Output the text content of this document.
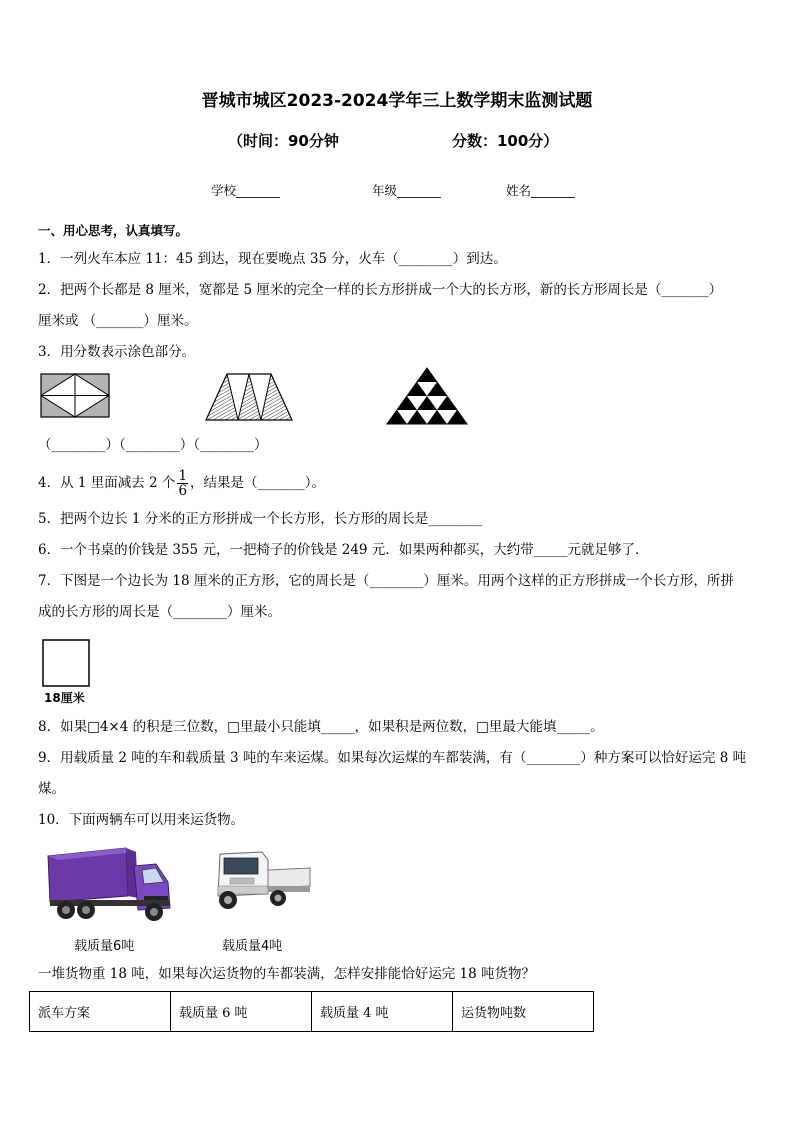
晋城市城区2023-2024学年三上数学期末监测试题
（时间：90分钟	分数：100分）
学校_______	年级_______	姓名_______
一、用心思考，认真填写。
1．一列火车本应 11：45 到达，现在要晚点 35 分，火车（________）到达。
2．把两个长都是 8 厘米，宽都是 5 厘米的完全一样的长方形拼成一个大的长方形，新的长方形周长是（_______）
厘米或 （_______）厘米。
3．用分数表示涂色部分。
（________）（________）（________）
4．从 1 里面减去 2 个 $\frac{1}{6}$ ，结果是（_______）。
5．把两个边长 1 分米的正方形拼成一个长方形，长方形的周长是________
6．一个书桌的价钱是 355 元，一把椅子的价钱是 249 元．如果两种都买，大约带_____元就足够了．
7．下图是一个边长为 18 厘米的正方形，它的周长是（________）厘米。用两个这样的正方形拼成一个长方形，所拼
成的长方形的周长是（________）厘米。
18厘米
8．如果□4×4 的积是三位数，□里最小只能填_____，如果积是两位数，□里最大能填_____。
9．用载质量 2 吨的车和载质量 3 吨的车来运煤。如果每次运煤的车都装满，有（________）种方案可以恰好运完 8 吨
煤。
10．下面两辆车可以用来运货物。
载质量6吨	载质量4吨
一堆货物重 18 吨，如果每次运货物的车都装满，怎样安排能恰好运完 18 吨货物？
派车方案	载质量 6 吨	载质量 4 吨	运货物吨数
